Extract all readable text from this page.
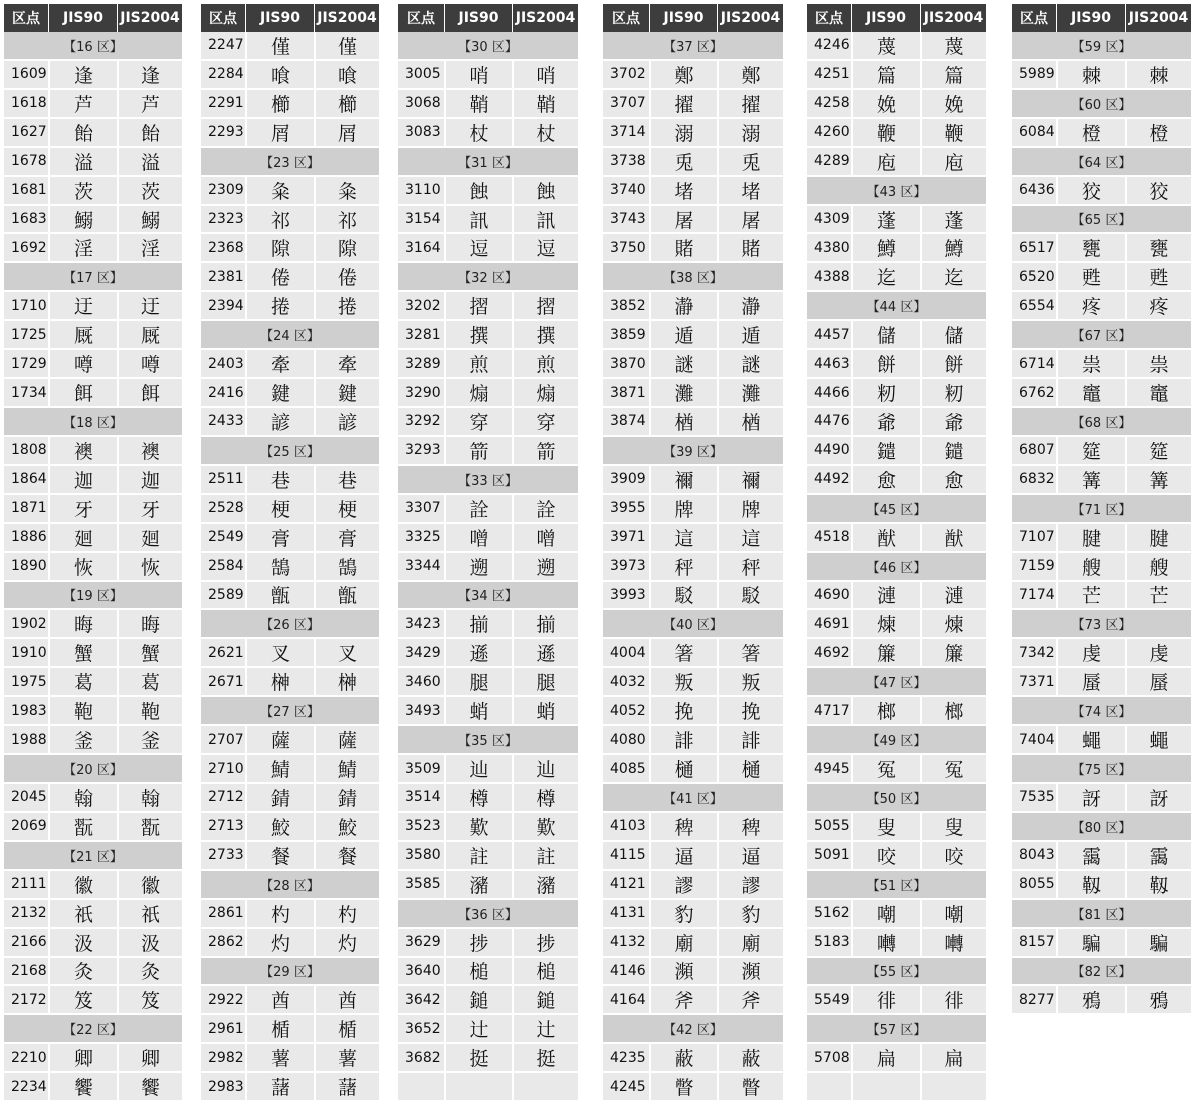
区点	JIS90	JIS2004
【16 区】
1609	逢	逢
1618	芦	芦
1627	飴	飴
1678	溢	溢
1681	茨	茨
1683	鰯	鰯
1692	淫	淫
【17 区】
1710	迂	迂
1725	厩	厩
1729	噂	噂
1734	餌	餌
【18 区】
1808	襖	襖
1864	迦	迦
1871	牙	牙
1886	廻	廻
1890	恢	恢
【19 区】
1902	晦	晦
1910	蟹	蟹
1975	葛	葛
1983	鞄	鞄
1988	釜	釜
【20 区】
2045	翰	翰
2069	翫	翫
【21 区】
2111	徽	徽
2132	祇	祇
2166	汲	汲
2168	灸	灸
2172	笈	笈
【22 区】
2210	卿	卿
2234	饗	饗
区点	JIS90	JIS2004
2247	僅	僅
2284	喰	喰
2291	櫛	櫛
2293	屑	屑
【23 区】
2309	粂	粂
2323	祁	祁
2368	隙	隙
2381	倦	倦
2394	捲	捲
【24 区】
2403	牽	牽
2416	鍵	鍵
2433	諺	諺
【25 区】
2511	巷	巷
2528	梗	梗
2549	膏	膏
2584	鵠	鵠
2589	甑	甑
【26 区】
2621	叉	叉
2671	榊	榊
【27 区】
2707	薩	薩
2710	鯖	鯖
2712	錆	錆
2713	鮫	鮫
2733	餐	餐
【28 区】
2861	杓	杓
2862	灼	灼
【29 区】
2922	酋	酋
2961	楯	楯
2982	薯	薯
2983	藷	藷
区点	JIS90	JIS2004
【30 区】
3005	哨	哨
3068	鞘	鞘
3083	杖	杖
【31 区】
3110	蝕	蝕
3154	訊	訊
3164	逗	逗
【32 区】
3202	摺	摺
3281	撰	撰
3289	煎	煎
3290	煽	煽
3292	穿	穿
3293	箭	箭
【33 区】
3307	詮	詮
3325	噌	噌
3344	遡	遡
【34 区】
3423	揃	揃
3429	遜	遜
3460	腿	腿
3493	蛸	蛸
【35 区】
3509	辿	辿
3514	樽	樽
3523	歎	歎
3580	註	註
3585	瀦	瀦
【36 区】
3629	捗	捗
3640	槌	槌
3642	鎚	鎚
3652	辻	辻
3682	挺	挺
区点	JIS90	JIS2004
【37 区】
3702	鄭	鄭
3707	擢	擢
3714	溺	溺
3738	兎	兎
3740	堵	堵
3743	屠	屠
3750	賭	賭
【38 区】
3852	瀞	瀞
3859	遁	遁
3870	謎	謎
3871	灘	灘
3874	楢	楢
【39 区】
3909	禰	禰
3955	牌	牌
3971	這	這
3973	秤	秤
3993	駁	駁
【40 区】
4004	箸	箸
4032	叛	叛
4052	挽	挽
4080	誹	誹
4085	樋	樋
【41 区】
4103	稗	稗
4115	逼	逼
4121	謬	謬
4131	豹	豹
4132	廟	廟
4146	瀕	瀕
4164	斧	斧
【42 区】
4235	蔽	蔽
4245	瞥	瞥
区点	JIS90	JIS2004
4246	蔑	蔑
4251	篇	篇
4258	娩	娩
4260	鞭	鞭
4289	庖	庖
【43 区】
4309	蓬	蓬
4380	鱒	鱒
4388	迄	迄
【44 区】
4457	儲	儲
4463	餅	餅
4466	籾	籾
4476	爺	爺
4490	鑓	鑓
4492	愈	愈
【45 区】
4518	猷	猷
【46 区】
4690	漣	漣
4691	煉	煉
4692	簾	簾
【47 区】
4717	榔	榔
【49 区】
4945	冤	冤
【50 区】
5055	叟	叟
5091	咬	咬
【51 区】
5162	嘲	嘲
5183	囀	囀
【55 区】
5549	徘	徘
【57 区】
5708	扁	扁
区点	JIS90	JIS2004
【59 区】
5989	棘	棘
【60 区】
6084	橙	橙
【64 区】
6436	狡	狡
【65 区】
6517	甕	甕
6520	甦	甦
6554	疼	疼
【67 区】
6714	祟	祟
6762	竈	竈
【68 区】
6807	筵	筵
6832	篝	篝
【71 区】
7107	腱	腱
7159	艘	艘
7174	芒	芒
【73 区】
7342	虔	虔
7371	蜃	蜃
【74 区】
7404	蠅	蠅
【75 区】
7535	訝	訝
【80 区】
8043	靄	靄
8055	靱	靱
【81 区】
8157	騙	騙
【82 区】
8277	鴉	鴉
